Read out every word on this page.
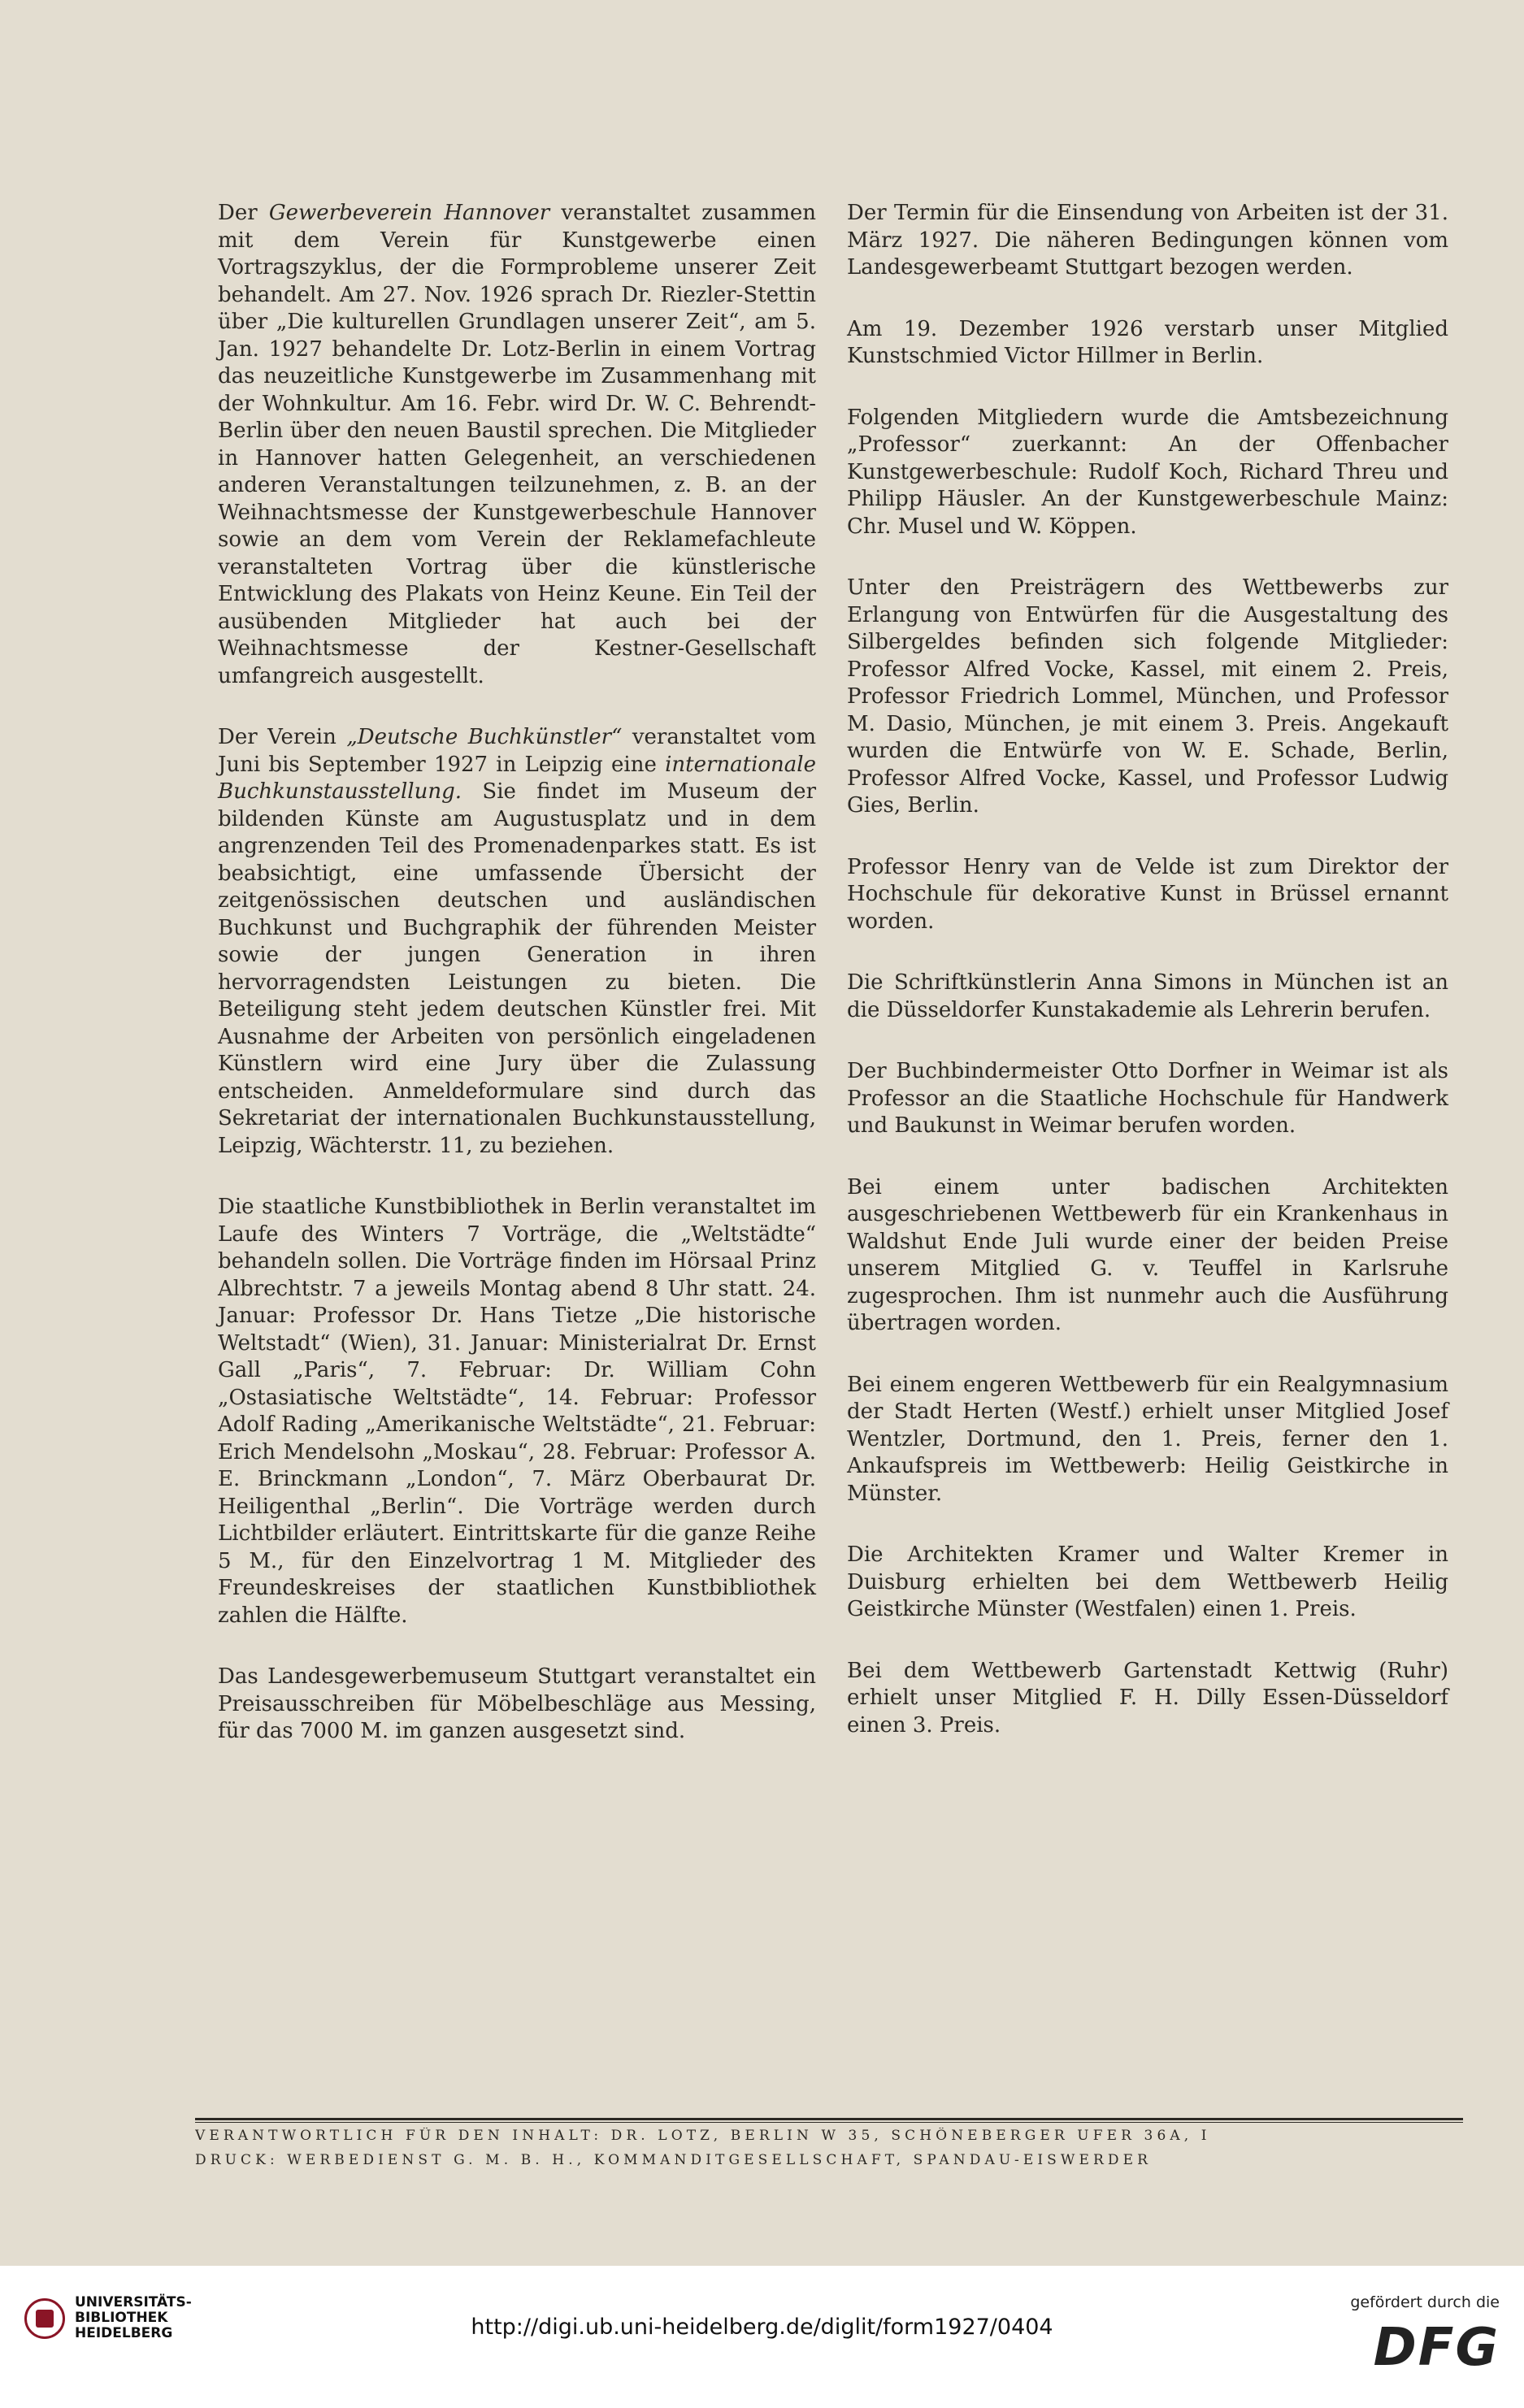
Der Gewerbeverein Hannover veranstaltet zusammen mit dem Verein für Kunstgewerbe einen Vortragszyklus, der die Formprobleme unserer Zeit behandelt. Am 27. Nov. 1926 sprach Dr. Riezler-Stettin über „Die kulturellen Grundlagen unserer Zeit“, am 5. Jan. 1927 behandelte Dr. Lotz-Berlin in einem Vortrag das neuzeitliche Kunstgewerbe im Zusammenhang mit der Wohnkultur. Am 16. Febr. wird Dr. W. C. Behrendt-Berlin über den neuen Baustil sprechen. Die Mitglieder in Hannover hatten Gelegenheit, an verschiedenen anderen Veranstaltungen teilzunehmen, z. B. an der Weihnachtsmesse der Kunstgewerbeschule Hannover sowie an dem vom Verein der Reklamefachleute veranstalteten Vortrag über die künstlerische Entwicklung des Plakats von Heinz Keune. Ein Teil der ausübenden Mitglieder hat auch bei der Weihnachtsmesse der Kestner-Gesellschaft umfangreich ausgestellt.

Der Verein „Deutsche Buchkünstler“ veranstaltet vom Juni bis September 1927 in Leipzig eine internationale Buchkunstausstellung. Sie findet im Museum der bildenden Künste am Augustusplatz und in dem angrenzenden Teil des Promenadenparkes statt. Es ist beabsichtigt, eine umfassende Übersicht der zeitgenössischen deutschen und ausländischen Buchkunst und Buchgraphik der führenden Meister sowie der jungen Generation in ihren hervorragendsten Leistungen zu bieten. Die Beteiligung steht jedem deutschen Künstler frei. Mit Ausnahme der Arbeiten von persönlich eingeladenen Künstlern wird eine Jury über die Zulassung entscheiden. Anmeldeformulare sind durch das Sekretariat der internationalen Buchkunstausstellung, Leipzig, Wächterstr. 11, zu beziehen.

Die staatliche Kunstbibliothek in Berlin veranstaltet im Laufe des Winters 7 Vorträge, die „Weltstädte“ behandeln sollen. Die Vorträge finden im Hörsaal Prinz Albrechtstr. 7 a jeweils Montag abend 8 Uhr statt. 24. Januar: Professor Dr. Hans Tietze „Die historische Weltstadt“ (Wien), 31. Januar: Ministerialrat Dr. Ernst Gall „Paris“, 7. Februar: Dr. William Cohn „Ostasiatische Weltstädte“, 14. Februar: Professor Adolf Rading „Amerikanische Weltstädte“, 21. Februar: Erich Mendelsohn „Moskau“, 28. Februar: Professor A. E. Brinckmann „London“, 7. März Oberbaurat Dr. Heiligenthal „Berlin“. Die Vorträge werden durch Lichtbilder erläutert. Eintrittskarte für die ganze Reihe 5 M., für den Einzelvortrag 1 M. Mitglieder des Freundeskreises der staatlichen Kunstbibliothek zahlen die Hälfte.

Das Landesgewerbemuseum Stuttgart veranstaltet ein Preisausschreiben für Möbelbeschläge aus Messing, für das 7000 M. im ganzen ausgesetzt sind.

Der Termin für die Einsendung von Arbeiten ist der 31. März 1927. Die näheren Bedingungen können vom Landesgewerbeamt Stuttgart bezogen werden.

Am 19. Dezember 1926 verstarb unser Mitglied Kunstschmied Victor Hillmer in Berlin.

Folgenden Mitgliedern wurde die Amtsbezeichnung „Professor“ zuerkannt: An der Offenbacher Kunstgewerbeschule: Rudolf Koch, Richard Threu und Philipp Häusler. An der Kunstgewerbeschule Mainz: Chr. Musel und W. Köppen.

Unter den Preisträgern des Wettbewerbs zur Erlangung von Entwürfen für die Ausgestaltung des Silbergeldes befinden sich folgende Mitglieder: Professor Alfred Vocke, Kassel, mit einem 2. Preis, Professor Friedrich Lommel, München, und Professor M. Dasio, München, je mit einem 3. Preis. Angekauft wurden die Entwürfe von W. E. Schade, Berlin, Professor Alfred Vocke, Kassel, und Professor Ludwig Gies, Berlin.

Professor Henry van de Velde ist zum Direktor der Hochschule für dekorative Kunst in Brüssel ernannt worden.

Die Schriftkünstlerin Anna Simons in München ist an die Düsseldorfer Kunstakademie als Lehrerin berufen.

Der Buchbindermeister Otto Dorfner in Weimar ist als Professor an die Staatliche Hochschule für Handwerk und Baukunst in Weimar berufen worden.

Bei einem unter badischen Architekten ausgeschriebenen Wettbewerb für ein Krankenhaus in Waldshut Ende Juli wurde einer der beiden Preise unserem Mitglied G. v. Teuffel in Karlsruhe zugesprochen. Ihm ist nunmehr auch die Ausführung übertragen worden.

Bei einem engeren Wettbewerb für ein Realgymnasium der Stadt Herten (Westf.) erhielt unser Mitglied Josef Wentzler, Dortmund, den 1. Preis, ferner den 1. Ankaufspreis im Wettbewerb: Heilig Geistkirche in Münster.

Die Architekten Kramer und Walter Kremer in Duisburg erhielten bei dem Wettbewerb Heilig Geistkirche Münster (Westfalen) einen 1. Preis.

Bei dem Wettbewerb Gartenstadt Kettwig (Ruhr) erhielt unser Mitglied F. H. Dilly Essen-Düsseldorf einen 3. Preis.

VERANTWORTLICH FÜR DEN INHALT: DR. LOTZ, BERLIN W 35, SCHÖNEBERGER UFER 36A, I
DRUCK: WERBEDIENST G. M. B. H., KOMMANDITGESELLSCHAFT, SPANDAU-EISWERDER
UNIVERSITÄTS-
BIBLIOTHEK
HEIDELBERG	http://digi.ub.uni-heidelberg.de/diglit/form1927/0404
gefördert durch die
DFG
